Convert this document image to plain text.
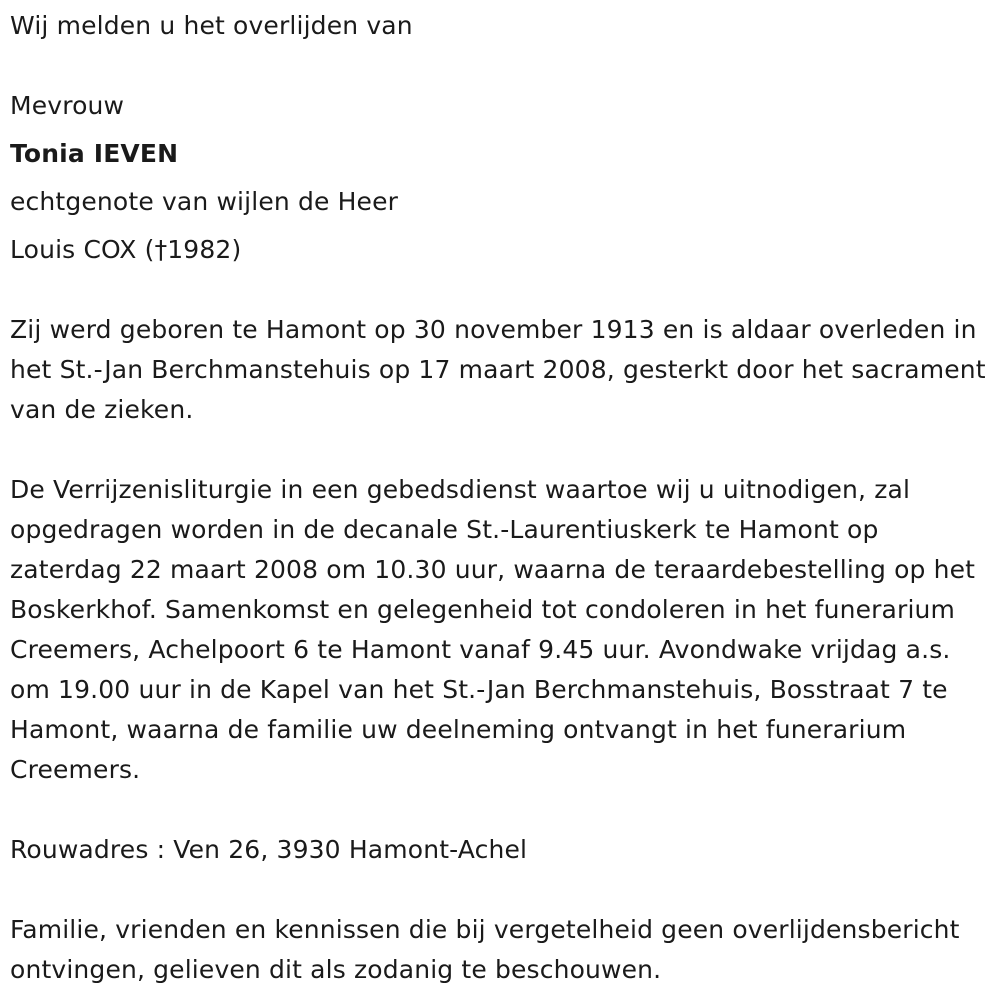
Wij melden u het overlijden van
Mevrouw
Tonia IEVEN
echtgenote van wijlen de Heer
Louis COX (†1982)
Zij werd geboren te Hamont op 30 november 1913 en is aldaar overleden in het St.-Jan Berchmanstehuis op 17 maart 2008, gesterkt door het sacrament van de zieken.
De Verrijzenisliturgie in een gebedsdienst waartoe wij u uitnodigen, zal opgedragen worden in de decanale St.-Laurentiuskerk te Hamont op zaterdag 22 maart 2008 om 10.30 uur, waarna de teraardebestelling op het Boskerkhof. Samenkomst en gelegenheid tot condoleren in het funerarium Creemers, Achelpoort 6 te Hamont vanaf 9.45 uur. Avondwake vrijdag a.s. om 19.00 uur in de Kapel van het St.-Jan Berchmanstehuis, Bosstraat 7 te Hamont, waarna de familie uw deelneming ontvangt in het funerarium Creemers.
Rouwadres : Ven 26, 3930 Hamont-Achel
Familie, vrienden en kennissen die bij vergetelheid geen overlijdensbericht ontvingen, gelieven dit als zodanig te beschouwen.
